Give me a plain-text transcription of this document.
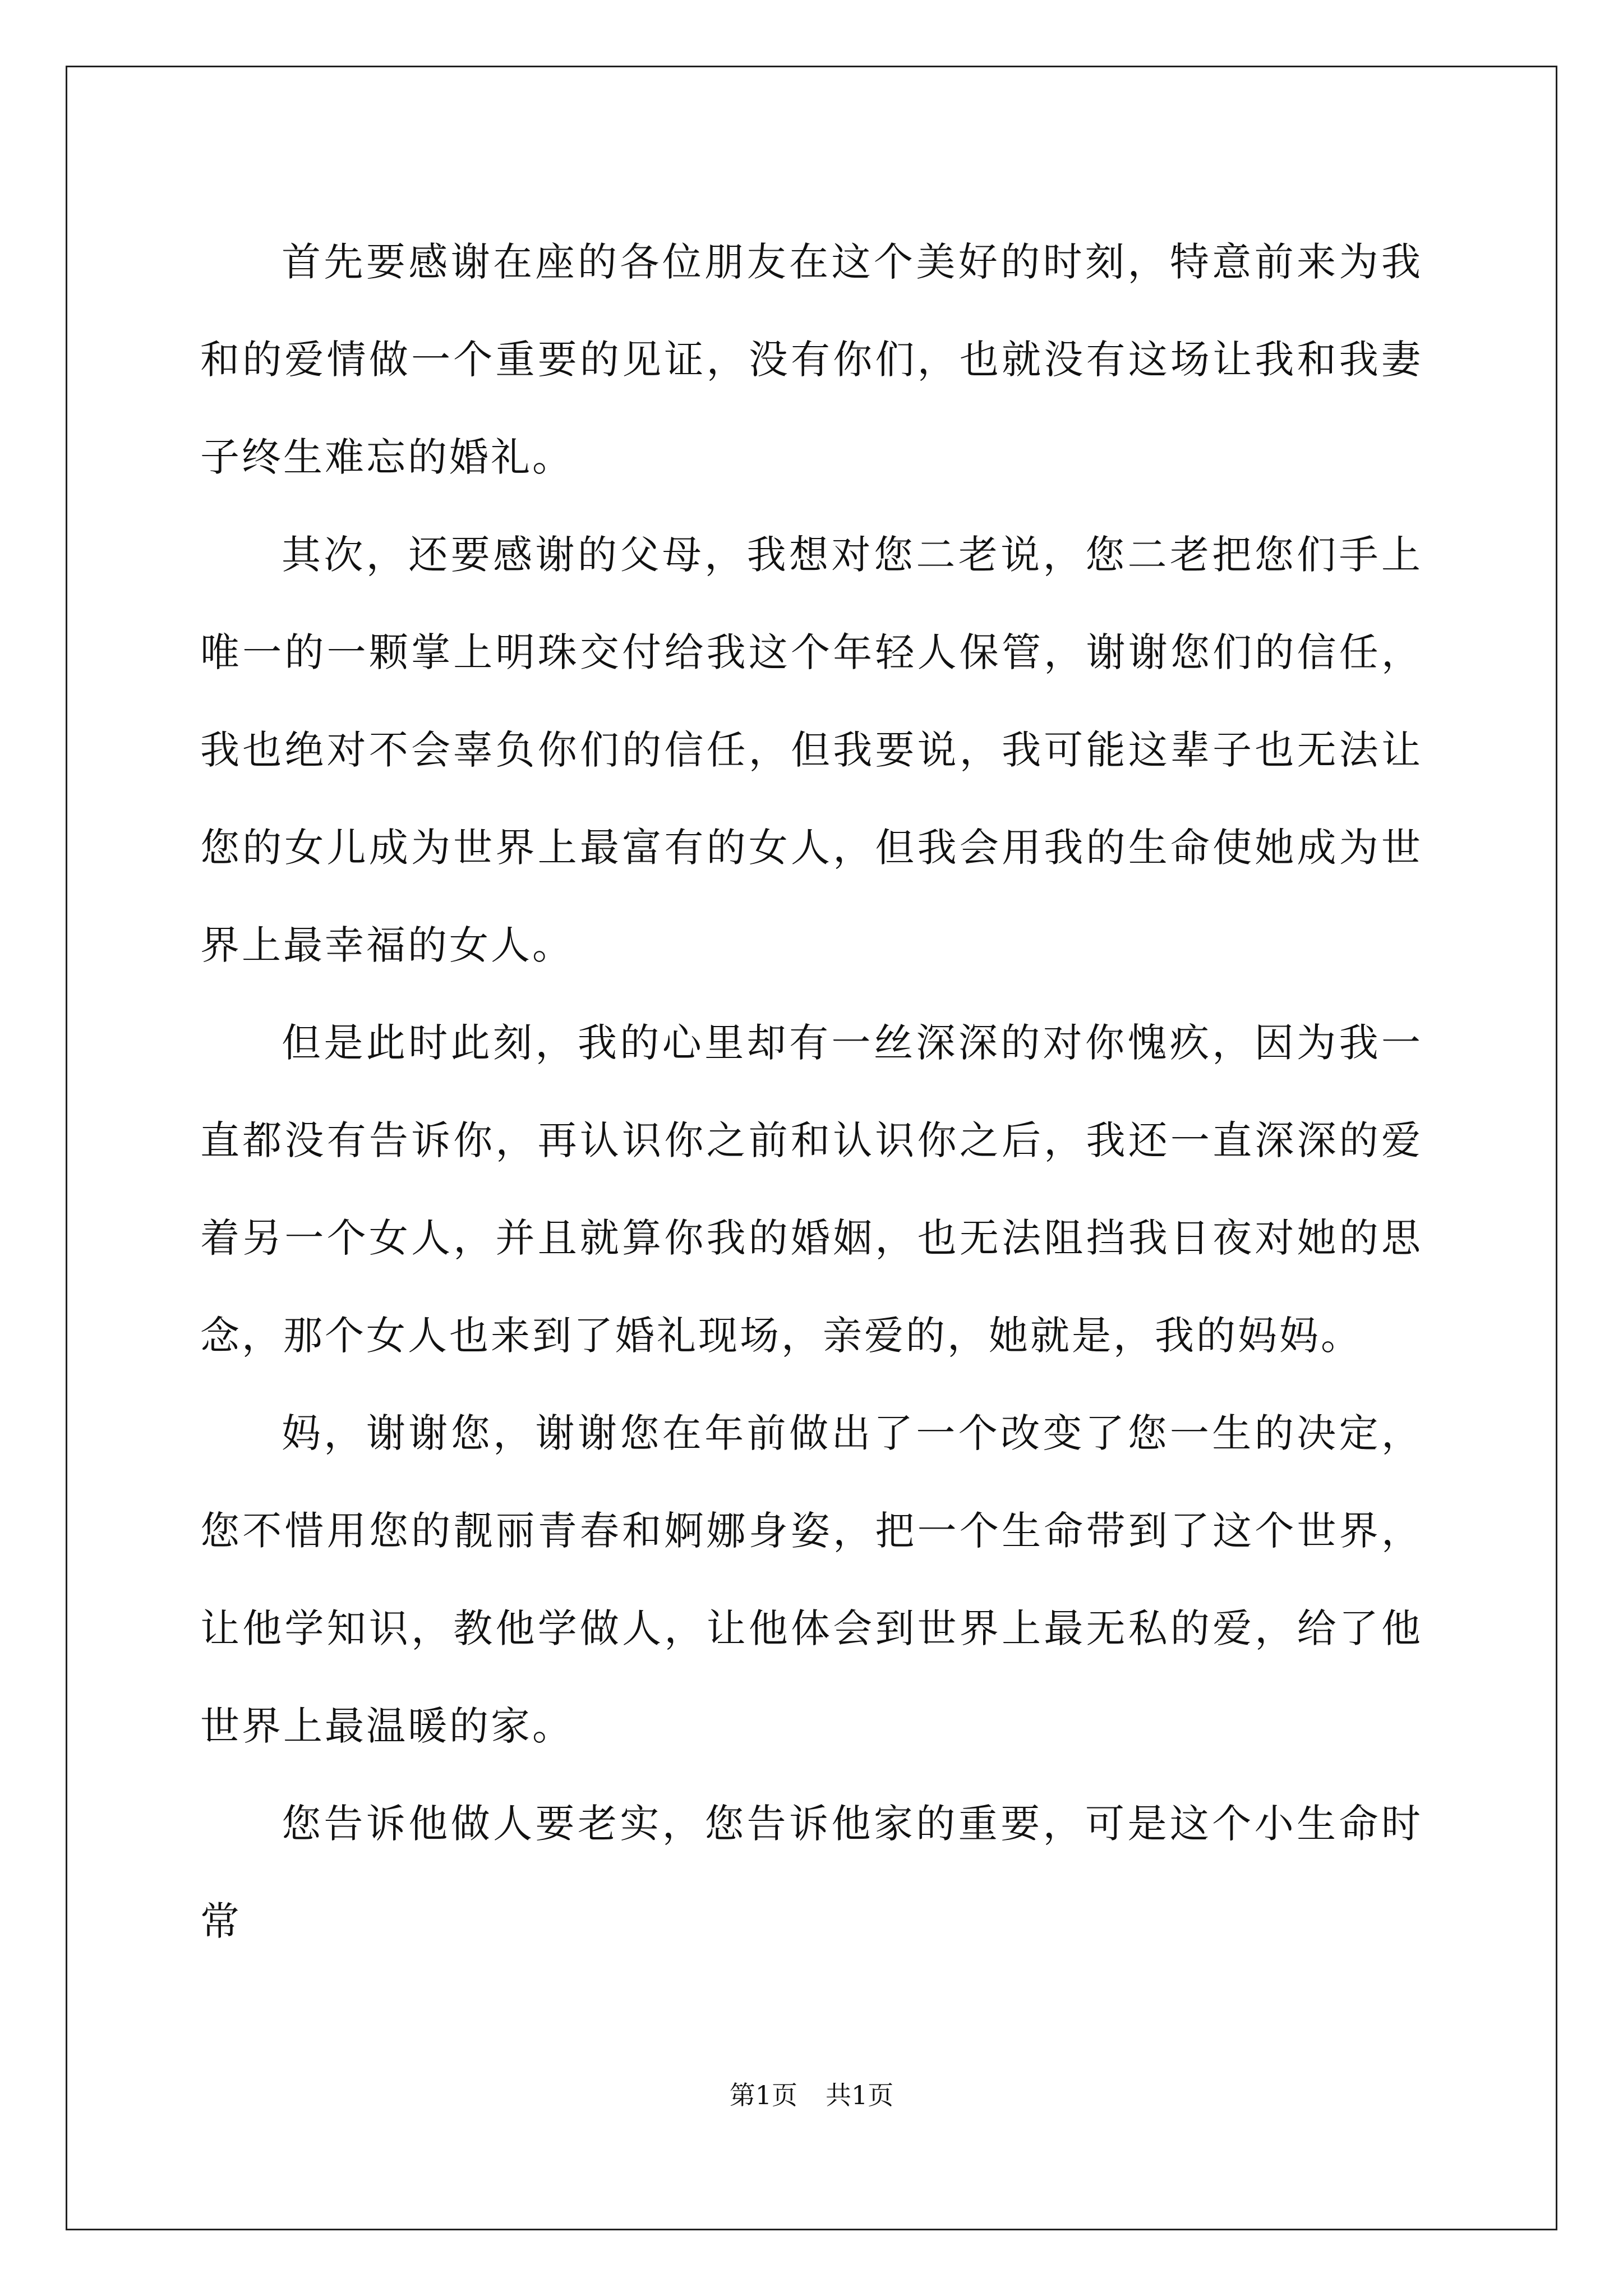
首先要感谢在座的各位朋友在这个美好的时刻，特意前来为我和的爱情做一个重要的见证，没有你们，也就没有这场让我和我妻子终生难忘的婚礼。

其次，还要感谢的父母，我想对您二老说，您二老把您们手上唯一的一颗掌上明珠交付给我这个年轻人保管，谢谢您们的信任，我也绝对不会辜负你们的信任，但我要说，我可能这辈子也无法让您的女儿成为世界上最富有的女人，但我会用我的生命使她成为世界上最幸福的女人。

但是此时此刻，我的心里却有一丝深深的对你愧疚，因为我一直都没有告诉你，再认识你之前和认识你之后，我还一直深深的爱着另一个女人，并且就算你我的婚姻，也无法阻挡我日夜对她的思念，那个女人也来到了婚礼现场，亲爱的，她就是，我的妈妈。

妈，谢谢您，谢谢您在年前做出了一个改变了您一生的决定，您不惜用您的靓丽青春和婀娜身姿，把一个生命带到了这个世界，让他学知识，教他学做人，让他体会到世界上最无私的爱，给了他世界上最温暖的家。

您告诉他做人要老实，您告诉他家的重要，可是这个小生命时常

第1页 共1页
